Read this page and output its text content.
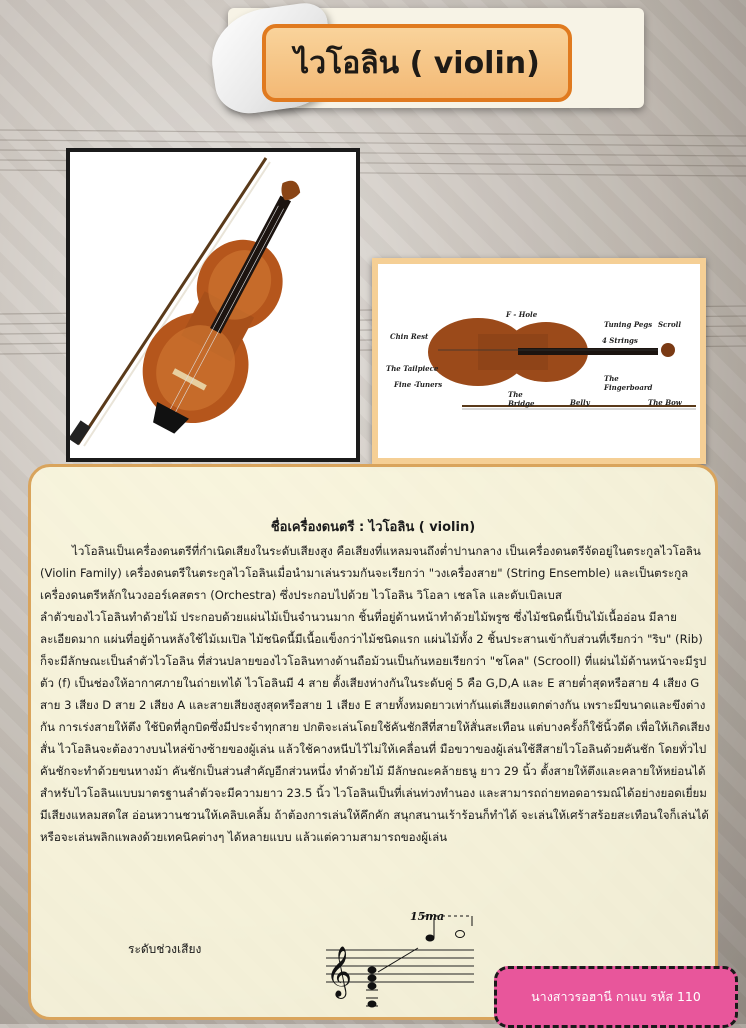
ไวโอลิน ( violin)
F - Hole
Tuning Pegs Scroll
4 Strings
Chin Rest
The Tailpiece
Fine -Tuners
The Fingerboard
The Bridge	Belly	The Bow
ชื่อเครื่องดนตรี : ไวโอลิน ( violin)

ไวโอลินเป็นเครื่องดนตรีที่กำเนิดเสียงในระดับเสียงสูง คือเสียงที่แหลมจนถึงต่ำปานกลาง เป็นเครื่องดนตรีจัดอยู่ในตระกูลไวโอลิน (Violin Family) เครื่องดนตรีในตระกูลไวโอลินเมื่อนำมาเล่นรวมกันจะเรียกว่า "วงเครื่องสาย" (String Ensemble) และเป็นตระกูลเครื่องดนตรีหลักในวงออร์เคสตรา (Orchestra) ซึ่งประกอบไปด้วย ไวโอลิน วิโอลา เชลโล และดับเบิลเบส

ลำตัวของไวโอลินทำด้วยไม้ ประกอบด้วยแผ่นไม้เป็นจำนวนมาก ชิ้นที่อยู่ด้านหน้าทำด้วยไม้พรูซ ซึ่งไม้ชนิดนี้เป็นไม้เนื้ออ่อน มีลายละเอียดมาก แผ่นที่อยู่ด้านหลังใช้ไม้เมเปิล ไม้ชนิดนี้มีเนื้อแข็งกว่าไม้ชนิดแรก แผ่นไม้ทั้ง 2 ชิ้นประสานเข้ากับส่วนที่เรียกว่า "ริบ" (Rib) ก็จะมีลักษณะเป็นลำตัวไวโอลิน ที่ส่วนปลายของไวโอลินทางด้านถือม้วนเป็นก้นหอยเรียกว่า "ชโคล" (Scrooll) ที่แผ่นไม้ด้านหน้าจะมีรูปตัว (f) เป็นช่องให้อากาศภายในถ่ายเทได้ ไวโอลินมี 4 สาย ตั้งเสียงห่างกันในระดับคู่ 5 คือ G,D,A และ E สายต่ำสุดหรือสาย 4 เสียง G สาย 3 เสียง D สาย 2 เสียง A และสายเสียงสูงสุดหรือสาย 1 เสียง E สายทั้งหมดยาวเท่ากันแต่เสียงแตกต่างกัน เพราะมีขนาดและขึงต่างกัน การเร่งสายให้ตึง ใช้บิดที่ลูกบิดซึ่งมีประจำทุกสาย ปกติจะเล่นโดยใช้คันชักสีที่สายให้สั่นสะเทือน แต่บางครั้งก็ใช้นิ้วดีด เพื่อให้เกิดเสียงสั่น ไวโอลินจะต้องวางบนไหล่ข้างซ้ายของผู้เล่น แล้วใช้คางหนีบไว้ไม่ให้เคลื่อนที่ มือขวาของผู้เล่นใช้สีสายไวโอลินด้วยคันชัก โดยทั่วไปคันชักจะทำด้วยขนหางม้า คันชักเป็นส่วนสำคัญอีกส่วนหนึ่ง ทำด้วยไม้ มีลักษณะคล้ายธนู ยาว 29 นิ้ว ตั้งสายให้ตึงและคลายให้หย่อนได้ สำหรับไวโอลินแบบมาตรฐานลำตัวจะมีความยาว 23.5 นิ้ว ไวโอลินเป็นที่เล่นท่วงทำนอง และสามารถถ่ายทอดอารมณ์ได้อย่างยอดเยี่ยม มีเสียงแหลมสดใส อ่อนหวานชวนให้เคลิบเคลิ้ม ถ้าต้องการเล่นให้คึกคัก สนุกสนานเร้าร้อนก็ทำได้ จะเล่นให้เศร้าสร้อยสะเทือนใจก็เล่นได้ หรือจะเล่นพลิกแพลงด้วยเทคนิคต่างๆ ได้หลายแบบ แล้วแต่ความสามารถของผู้เล่น

ระดับช่วงเสียง	𝄞
15ma
นางสาวรอฮานี กาแบ รหัส 110
